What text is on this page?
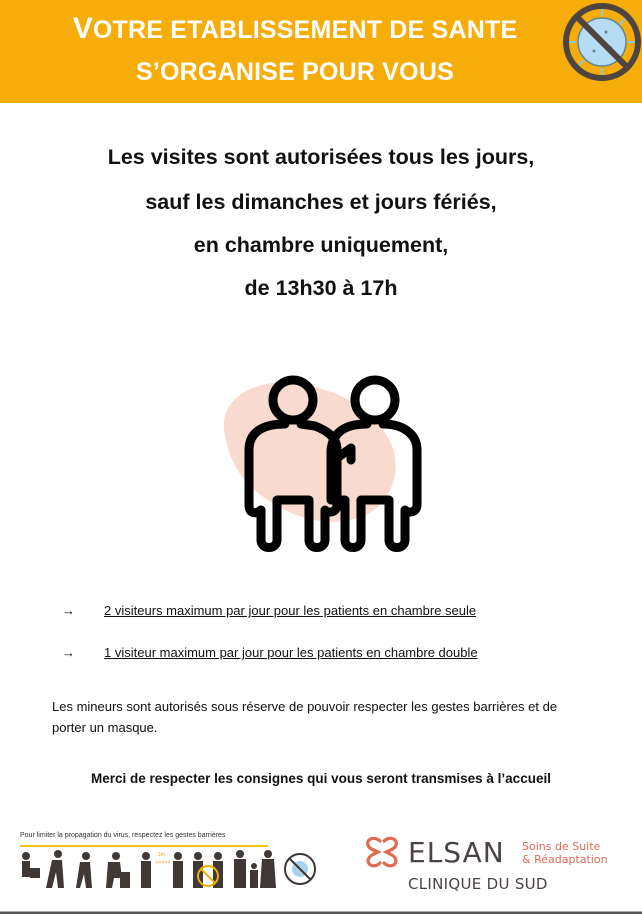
VOTRE ETABLISSEMENT DE SANTE
S’ORGANISE POUR VOUS
Les visites sont autorisées tous les jours,
sauf les dimanches et jours fériés,
en chambre uniquement,
de 13h30 à 17h
→ 2 visiteurs maximum par jour pour les patients en chambre seule
→ 1 visiteur maximum par jour pour les patients en chambre double
Les mineurs sont autorisés sous réserve de pouvoir respecter les gestes barrières et de porter un masque.
Merci de respecter les consignes qui vous seront transmises à l’accueil
Pour limiter la propagation du virus, respectez les gestes barrières
1m	ELSAN Soins de Suite
& Réadaptation
CLINIQUE DU SUD
